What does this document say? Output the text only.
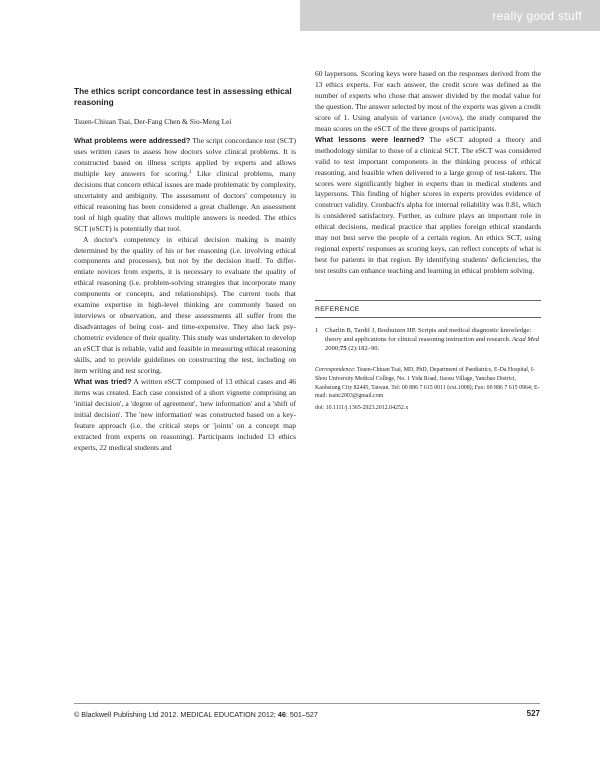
really good stuff
The ethics script concordance test in assessing ethical reasoning
Tsuen-Chiuan Tsai, Der-Fang Chen & Sio-Meng Lei

What problems were addressed? The script concordance test (SCT) uses written cases to assess how doctors solve clinical problems. It is constructed based on illness scripts applied by experts and allows multiple key answers for scoring.$^1$ Like clinical problems, many decisions that concern ethical issues are made problematic by complexity, uncertainty and ambiguity. The assessment of doctors' competency in ethical reasoning has been considered a great challenge. An assessment tool of high quality that allows multiple answers is needed. The ethics SCT (eSCT) is potentially that tool.

A doctor's competency in ethical decision making is mainly determined by the quality of his or her reasoning (i.e. involving ethical components and processes), but not by the decision itself. To differ-entiate novices from experts, it is necessary to evaluate the quality of ethical reasoning (i.e. problem-solving strategies that incorporate many components or concepts, and relationships). The current tools that examine expertise in high-level thinking are commonly based on interviews or observation, and these assessments all suffer from the disadvantages of being cost- and time-expensive. They also lack psy-chometric evidence of their quality. This study was undertaken to develop an eSCT that is reliable, valid and feasible in measuring ethical reasoning skills, and to provide guidelines on constructing the test, including on item writing and test scoring.

What was tried? A written eSCT composed of 13 ethical cases and 46 items was created. Each case consisted of a short vignette comprising an 'initial decision', a 'degree of agreement', 'new information' and a 'shift of initial decision'. The 'new information' was constructed based on a key-feature approach (i.e. the critical steps or 'joints' on a concept map extracted from experts on reasoning). Participants included 13 ethics experts, 22 medical students and

60 laypersons. Scoring keys were based on the responses derived from the 13 ethics experts. For each answer, the credit score was defined as the number of experts who chose that answer divided by the modal value for the question. The answer selected by most of the experts was given a credit score of 1. Using analysis of variance (anova), the study compared the mean scores on the eSCT of the three groups of participants.

What lessons were learned? The eSCT adopted a theory and methodology similar to those of a clinical SCT. The eSCT was considered valid to test important components in the thinking process of ethical reasoning, and feasible when delivered to a large group of test-takers. The scores were significantly higher in experts than in medical students and laypersons. This finding of higher scores in experts provides evidence of construct validity. Cronbach's alpha for internal reliability was 0.81, which is considered satisfactory. Further, as culture plays an important role in ethical decisions, medical practice that applies foreign ethical standards may not best serve the people of a certain region. An ethics SCT, using regional experts' responses as scoring keys, can reflect concepts of what is best for patients in that region. By identifying students' deficiencies, the test results can enhance teaching and learning in ethical problem solving.

REFERENCE
1	Charlin B, Tardif J, Boshuizen HP. Scripts and medical diagnostic knowledge: theory and applications for clinical reasoning instruction and research. Acad Med 2000;75 (2):182–90.
Correspondence: Tsuen-Chiuan Tsai, MD, PhD, Department of Paediatrics, E-Da Hospital, I-Shou University Medical College, No. 1 Yida Road, Jiaosu Village, Yanchao District, Kaohsiung City 82445, Taiwan. Tel: 00 886 7 615 0011 (ext.1008); Fax: 00 886 7 615 0964; E-mail: tsaitc2003@gmail.com
doi: 10.1111/j.1365-2923.2012.04252.x
© Blackwell Publishing Ltd 2012. MEDICAL EDUCATION 2012; 46: 501–527	527
